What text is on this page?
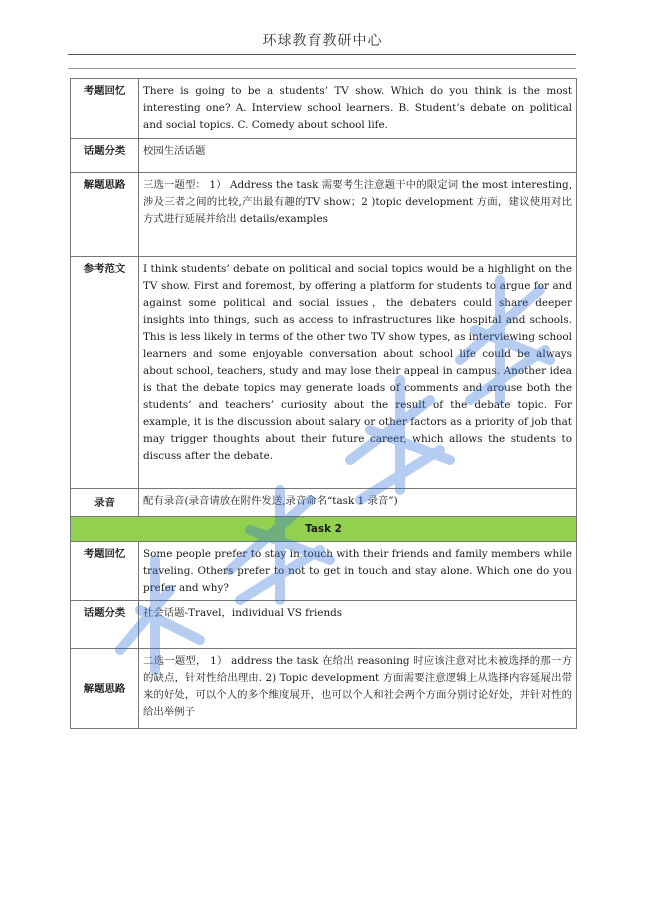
环球教育教研中心
考题回忆	There is going to be a students’ TV show. Which do you think is the most interesting one? A. Interview school learners. B. Student’s debate on political and social topics. C. Comedy about school life.
话题分类	校园生活话题
解题思路	三选一题型： 1） Address the task 需要考生注意题干中的限定词 the most interesting,涉及三者之间的比较,产出最有趣的TV show；2 )topic development 方面，建议使用对比方式进行延展并给出 details/examples
参考范文	I think students’ debate on political and social topics would be a highlight on the TV show. First and foremost, by offering a platform for students to argue for and against some political and social issues，the debaters could share deeper insights into things, such as access to infrastructures like hospital and schools. This is less likely in terms of the other two TV show types, as interviewing school learners and some enjoyable conversation about school life could be always about school, teachers, study and may lose their appeal in campus. Another idea is that the debate topics may generate loads of comments and arouse both the students’ and teachers’ curiosity about the result of the debate topic. For example, it is the discussion about salary or other factors as a priority of job that may trigger thoughts about their future career, which allows the students to discuss after the debate.
录音	配有录音(录音请放在附件发送,录音命名“task 1 录音”)
Task 2	
考题回忆	Some people prefer to stay in touch with their friends and family members while traveling. Others prefer to not to get in touch and stay alone. Which one do you prefer and why?
话题分类	社会话题-Travel，individual VS friends
解题思路	二选一题型， 1） address the task 在给出 reasoning 时应该注意对比未被选择的那一方的缺点，针对性给出理由. 2) Topic development 方面需要注意逻辑上从选择内容延展出带来的好处，可以个人的多个维度展开，也可以个人和社会两个方面分别讨论好处，并针对性的给出举例子
